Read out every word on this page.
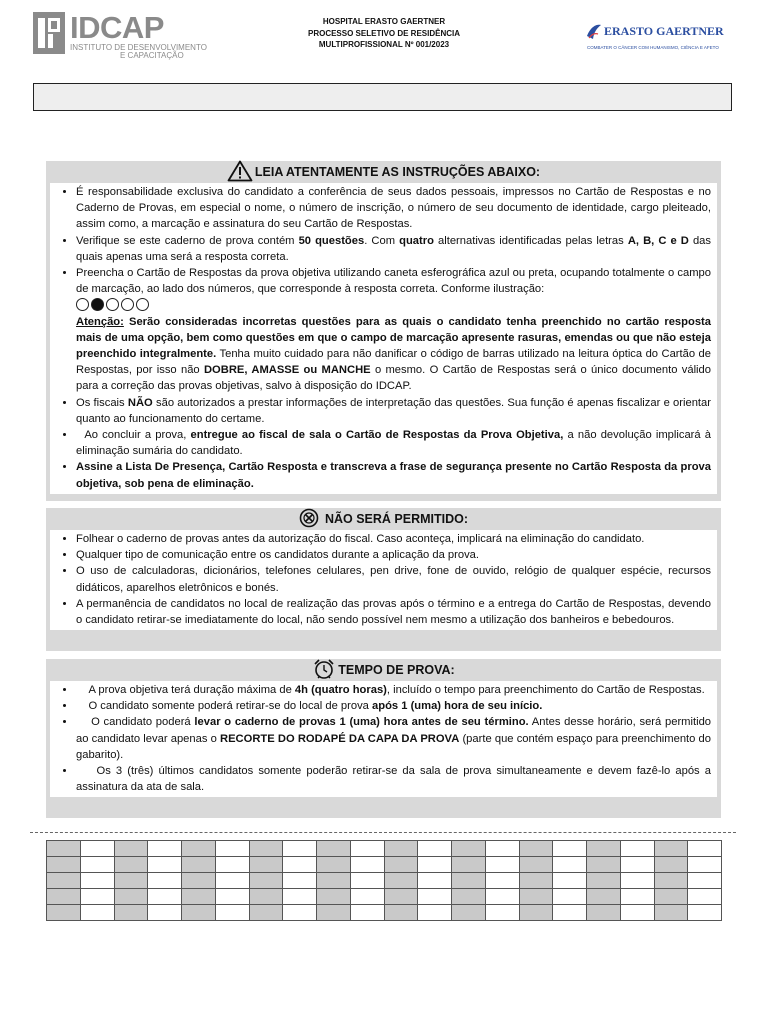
IDCAP
INSTITUTO DE DESENVOLVIMENTO
E CAPACITAÇÃO
HOSPITAL ERASTO GAERTNER
PROCESSO SELETIVO DE RESIDÊNCIA
MULTIPROFISSIONAL Nº 001/2023
ERASTO GAERTNER
COMBATER O CÂNCER COM HUMANISMO, CIÊNCIA E AFETO
LEIA ATENTAMENTE AS INSTRUÇÕES ABAIXO:
• É responsabilidade exclusiva do candidato a conferência de seus dados pessoais, impressos no Cartão de Respostas e no Caderno de Provas, em especial o nome, o número de inscrição, o número de seu documento de identidade, cargo pleiteado, assim como, a marcação e assinatura do seu Cartão de Respostas.
• Verifique se este caderno de prova contém 50 questões. Com quatro alternativas identificadas pelas letras A, B, C e D das quais apenas uma será a resposta correta.
• Preencha o Cartão de Respostas da prova objetiva utilizando caneta esferográfica azul ou preta, ocupando totalmente o campo de marcação, ao lado dos números, que corresponde à resposta correta. Conforme ilustração:

Atenção: Serão consideradas incorretas questões para as quais o candidato tenha preenchido no cartão resposta mais de uma opção, bem como questões em que o campo de marcação apresente rasuras, emendas ou que não esteja preenchido integralmente. Tenha muito cuidado para não danificar o código de barras utilizado na leitura óptica do Cartão de Respostas, por isso não DOBRE, AMASSE ou MANCHE o mesmo. O Cartão de Respostas será o único documento válido para a correção das provas objetivas, salvo à disposição do IDCAP.
• Os fiscais NÃO são autorizados a prestar informações de interpretação das questões. Sua função é apenas fiscalizar e orientar quanto ao funcionamento do certame.
• Ao concluir a prova, entregue ao fiscal de sala o Cartão de Respostas da Prova Objetiva, a não devolução implicará à eliminação sumária do candidato.
• Assine a Lista De Presença, Cartão Resposta e transcreva a frase de segurança presente no Cartão Resposta da prova objetiva, sob pena de eliminação.
NÃO SERÁ PERMITIDO:
• Folhear o caderno de provas antes da autorização do fiscal. Caso aconteça, implicará na eliminação do candidato.
• Qualquer tipo de comunicação entre os candidatos durante a aplicação da prova.
• O uso de calculadoras, dicionários, telefones celulares, pen drive, fone de ouvido, relógio de qualquer espécie, recursos didáticos, aparelhos eletrônicos e bonés.
• A permanência de candidatos no local de realização das provas após o término e a entrega do Cartão de Respostas, devendo o candidato retirar-se imediatamente do local, não sendo possível nem mesmo a utilização dos banheiros e bebedouros.
TEMPO DE PROVA:
• A prova objetiva terá duração máxima de 4h (quatro horas), incluído o tempo para preenchimento do Cartão de Respostas.
• O candidato somente poderá retirar-se do local de prova após 1 (uma) hora de seu início.
• O candidato poderá levar o caderno de provas 1 (uma) hora antes de seu término. Antes desse horário, será permitido ao candidato levar apenas o RECORTE DO RODAPÉ DA CAPA DA PROVA (parte que contém espaço para preenchimento do gabarito).
• Os 3 (três) últimos candidatos somente poderão retirar-se da sala de prova simultaneamente e devem fazê-lo após a assinatura da ata de sala.
